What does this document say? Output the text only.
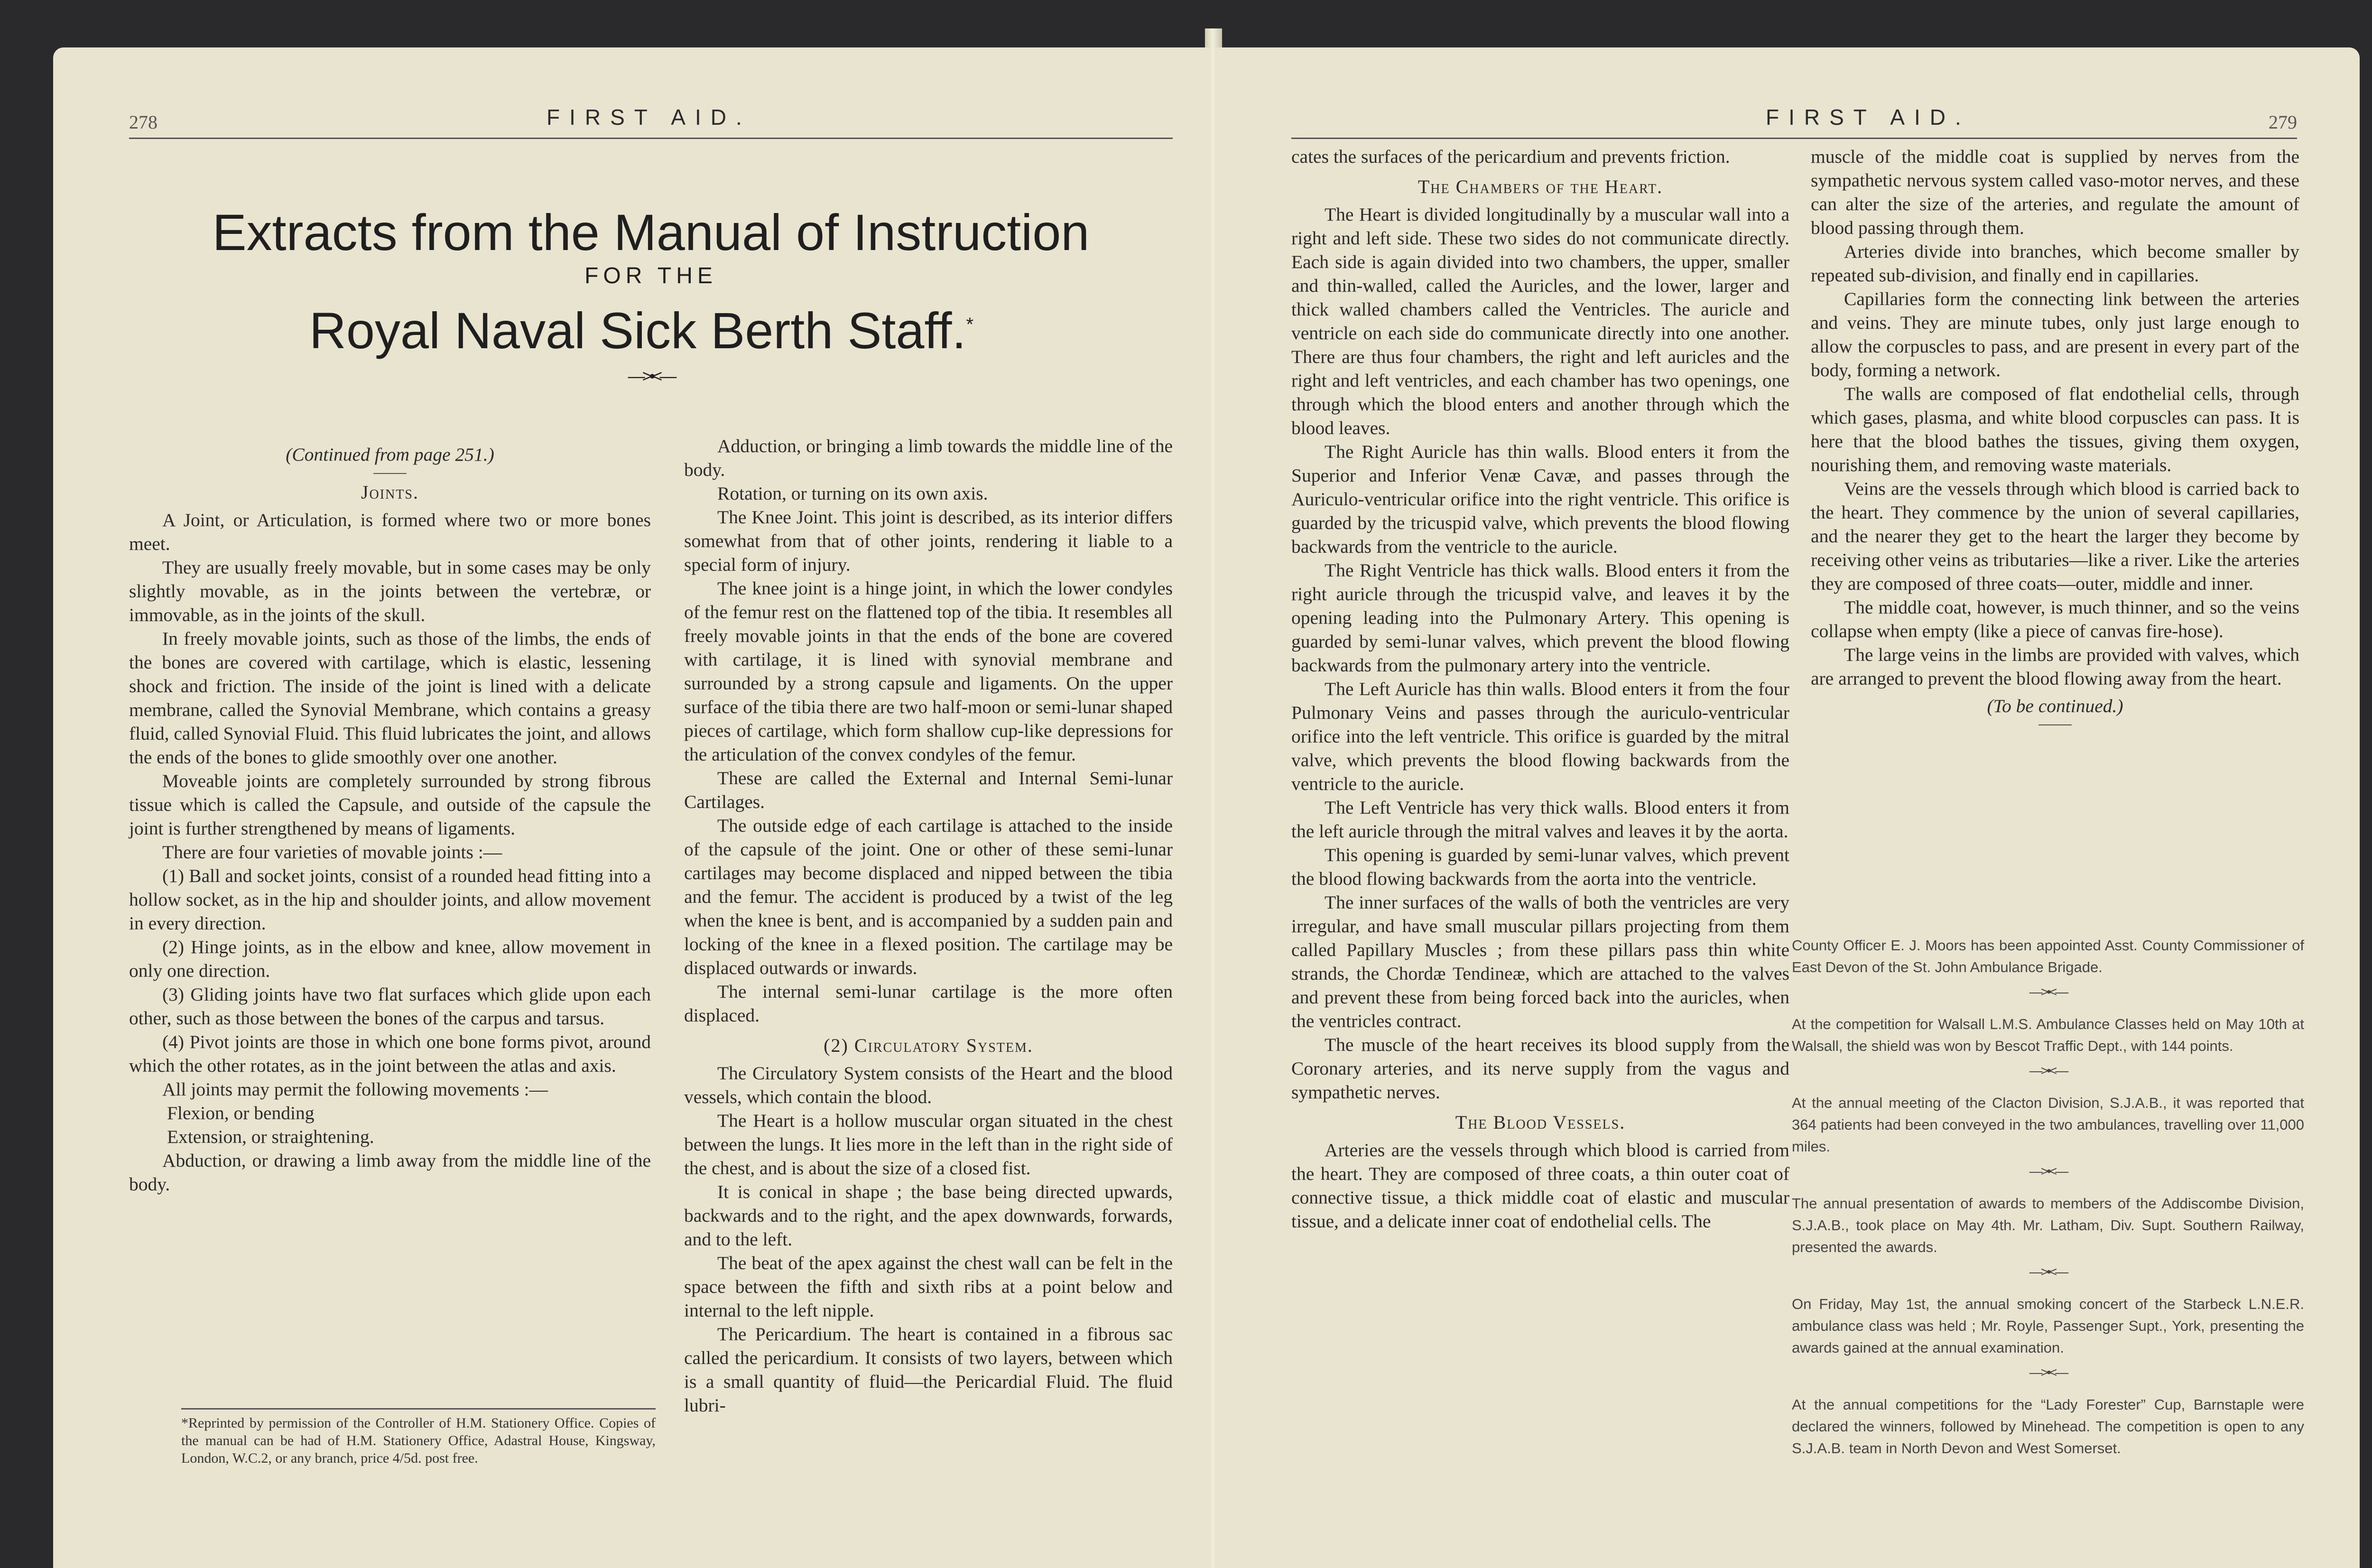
278	FIRST AID.
Extracts from the Manual of Instruction
FOR THE
Royal Naval Sick Berth Staff.*
—>•<—

(Continued from page 251.)

Joints.

A Joint, or Articulation, is formed where two or more bones meet.

They are usually freely movable, but in some cases may be only slightly movable, as in the joints between the vertebræ, or immovable, as in the joints of the skull.

In freely movable joints, such as those of the limbs, the ends of the bones are covered with cartilage, which is elastic, lessening shock and friction. The inside of the joint is lined with a delicate membrane, called the Synovial Membrane, which contains a greasy fluid, called Synovial Fluid. This fluid lubricates the joint, and allows the ends of the bones to glide smoothly over one another.

Moveable joints are completely surrounded by strong fibrous tissue which is called the Capsule, and outside of the capsule the joint is further strengthened by means of ligaments.

There are four varieties of movable joints :—

(1) Ball and socket joints, consist of a rounded head fitting into a hollow socket, as in the hip and shoulder joints, and allow movement in every direction.

(2) Hinge joints, as in the elbow and knee, allow movement in only one direction.

(3) Gliding joints have two flat surfaces which glide upon each other, such as those between the bones of the carpus and tarsus.

(4) Pivot joints are those in which one bone forms pivot, around which the other rotates, as in the joint between the atlas and axis.

All joints may permit the following movements :—

Flexion, or bending

Extension, or straightening.

Abduction, or drawing a limb away from the middle line of the body.

*Reprinted by permission of the Controller of H.M. Stationery Office. Copies of the manual can be had of H.M. Stationery Office, Adastral House, Kingsway, London, W.C.2, or any branch, price 4/5d. post free.

Adduction, or bringing a limb towards the middle line of the body.

Rotation, or turning on its own axis.

The Knee Joint. This joint is described, as its interior differs somewhat from that of other joints, rendering it liable to a special form of injury.

The knee joint is a hinge joint, in which the lower condyles of the femur rest on the flattened top of the tibia. It resembles all freely movable joints in that the ends of the bone are covered with cartilage, it is lined with synovial membrane and surrounded by a strong capsule and ligaments. On the upper surface of the tibia there are two half-moon or semi-lunar shaped pieces of cartilage, which form shallow cup-like depressions for the articulation of the convex condyles of the femur.

These are called the External and Internal Semi-lunar Cartilages.

The outside edge of each cartilage is attached to the inside of the capsule of the joint. One or other of these semi-lunar cartilages may become displaced and nipped between the tibia and the femur. The accident is produced by a twist of the leg when the knee is bent, and is accompanied by a sudden pain and locking of the knee in a flexed position. The cartilage may be displaced outwards or inwards.

The internal semi-lunar cartilage is the more often displaced.

(2) Circulatory System.

The Circulatory System consists of the Heart and the blood vessels, which contain the blood.

The Heart is a hollow muscular organ situated in the chest between the lungs. It lies more in the left than in the right side of the chest, and is about the size of a closed fist.

It is conical in shape ; the base being directed upwards, backwards and to the right, and the apex downwards, forwards, and to the left.

The beat of the apex against the chest wall can be felt in the space between the fifth and sixth ribs at a point below and internal to the left nipple.

The Pericardium. The heart is contained in a fibrous sac called the pericardium. It consists of two layers, between which is a small quantity of fluid—the Pericardial Fluid. The fluid lubri-

FIRST AID.	279

cates the surfaces of the pericardium and prevents friction.

The Chambers of the Heart.

The Heart is divided longitudinally by a muscular wall into a right and left side. These two sides do not communicate directly. Each side is again divided into two chambers, the upper, smaller and thin-walled, called the Auricles, and the lower, larger and thick walled chambers called the Ventricles. The auricle and ventricle on each side do communicate directly into one another. There are thus four chambers, the right and left auricles and the right and left ventricles, and each chamber has two openings, one through which the blood enters and another through which the blood leaves.

The Right Auricle has thin walls. Blood enters it from the Superior and Inferior Venæ Cavæ, and passes through the Auriculo-ventricular orifice into the right ventricle. This orifice is guarded by the tricuspid valve, which prevents the blood flowing backwards from the ventricle to the auricle.

The Right Ventricle has thick walls. Blood enters it from the right auricle through the tricuspid valve, and leaves it by the opening leading into the Pulmonary Artery. This opening is guarded by semi-lunar valves, which prevent the blood flowing backwards from the pulmonary artery into the ventricle.

The Left Auricle has thin walls. Blood enters it from the four Pulmonary Veins and passes through the auriculo-ventricular orifice into the left ventricle. This orifice is guarded by the mitral valve, which prevents the blood flowing backwards from the ventricle to the auricle.

The Left Ventricle has very thick walls. Blood enters it from the left auricle through the mitral valves and leaves it by the aorta.

This opening is guarded by semi-lunar valves, which prevent the blood flowing backwards from the aorta into the ventricle.

The inner surfaces of the walls of both the ventricles are very irregular, and have small muscular pillars projecting from them called Papillary Muscles ; from these pillars pass thin white strands, the Chordæ Tendineæ, which are attached to the valves and prevent these from being forced back into the auricles, when the ventricles contract.

The muscle of the heart receives its blood supply from the Coronary arteries, and its nerve supply from the vagus and sympathetic nerves.

The Blood Vessels.

Arteries are the vessels through which blood is carried from the heart. They are composed of three coats, a thin outer coat of connective tissue, a thick middle coat of elastic and muscular tissue, and a delicate inner coat of endothelial cells. The

muscle of the middle coat is supplied by nerves from the sympathetic nervous system called vaso-motor nerves, and these can alter the size of the arteries, and regulate the amount of blood passing through them.

Arteries divide into branches, which become smaller by repeated sub-division, and finally end in capillaries.

Capillaries form the connecting link between the arteries and veins. They are minute tubes, only just large enough to allow the corpuscles to pass, and are present in every part of the body, forming a network.

The walls are composed of flat endothelial cells, through which gases, plasma, and white blood corpuscles can pass. It is here that the blood bathes the tissues, giving them oxygen, nourishing them, and removing waste materials.

Veins are the vessels through which blood is carried back to the heart. They commence by the union of several capillaries, and the nearer they get to the heart the larger they become by receiving other veins as tributaries—like a river. Like the arteries they are composed of three coats—outer, middle and inner.

The middle coat, however, is much thinner, and so the veins collapse when empty (like a piece of canvas fire-hose).

The large veins in the limbs are provided with valves, which are arranged to prevent the blood flowing away from the heart.

(To be continued.)

County Officer E. J. Moors has been appointed Asst. County Commissioner of East Devon of the St. John Ambulance Brigade.

—>•<—

At the competition for Walsall L.M.S. Ambulance Classes held on May 10th at Walsall, the shield was won by Bescot Traffic Dept., with 144 points.

—>•<—

At the annual meeting of the Clacton Division, S.J.A.B., it was reported that 364 patients had been conveyed in the two ambulances, travelling over 11,000 miles.

—>•<—

The annual presentation of awards to members of the Addiscombe Division, S.J.A.B., took place on May 4th. Mr. Latham, Div. Supt. Southern Railway, presented the awards.

—>•<—

On Friday, May 1st, the annual smoking concert of the Starbeck L.N.E.R. ambulance class was held ; Mr. Royle, Passenger Supt., York, presenting the awards gained at the annual examination.

—>•<—

At the annual competitions for the “Lady Forester” Cup, Barnstaple were declared the winners, followed by Minehead. The competition is open to any S.J.A.B. team in North Devon and West Somerset.
